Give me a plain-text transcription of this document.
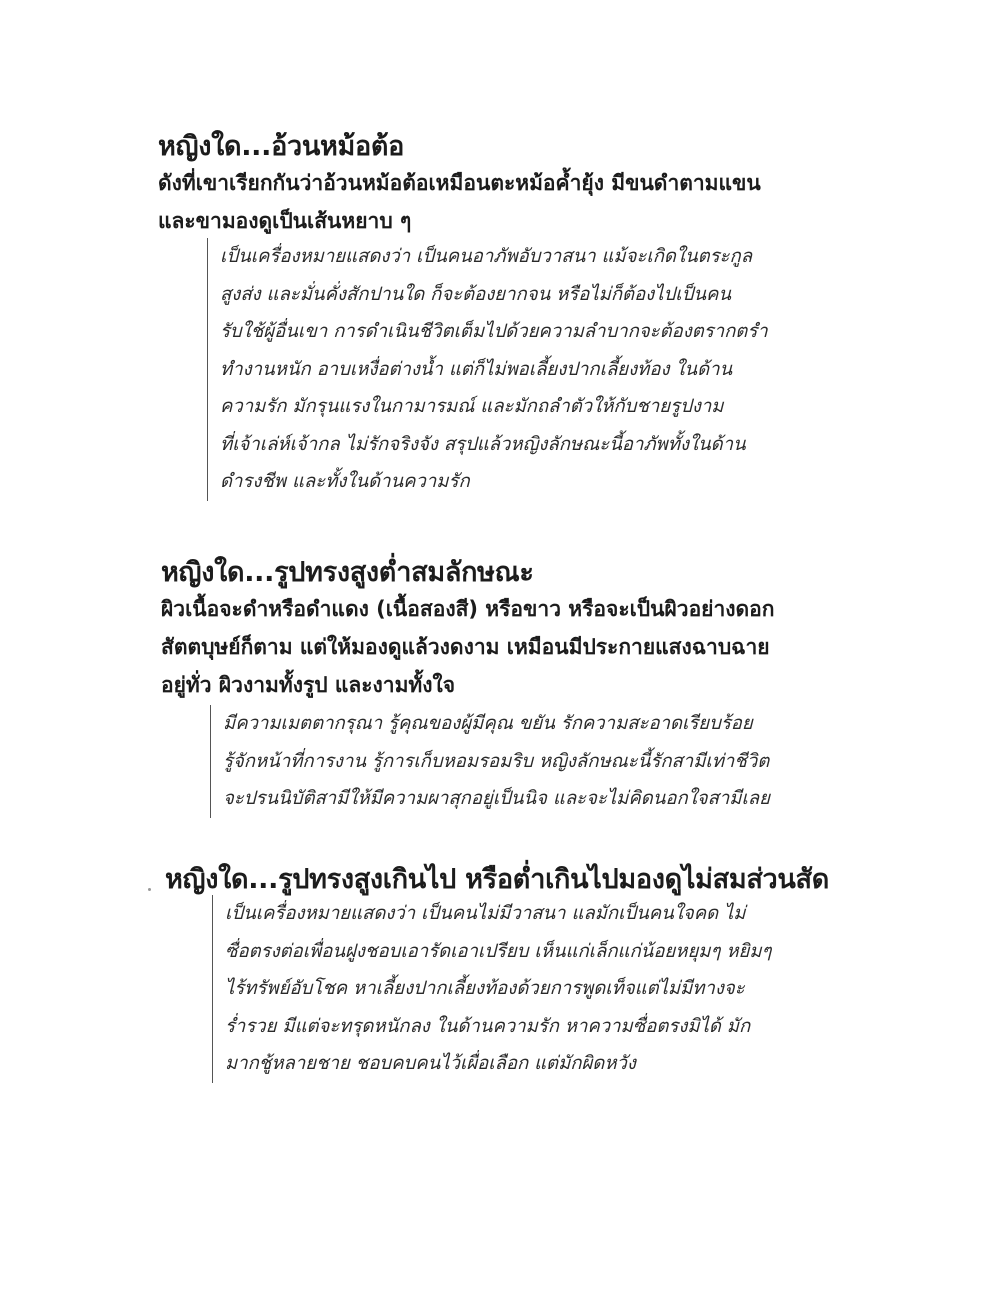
หญิงใด...อ้วนหม้อต้อ
ดังที่เขาเรียกกันว่าอ้วนหม้อต้อเหมือนตะหม้อค้ำยุ้ง มีขนดำตามแขน
และขามองดูเป็นเส้นหยาบ ๆ
เป็นเครื่องหมายแสดงว่า เป็นคนอาภัพอับวาสนา แม้จะเกิดในตระกูล
สูงส่ง และมั่นคั่งสักปานใด ก็จะต้องยากจน หรือไม่ก็ต้องไปเป็นคน
รับใช้ผู้อื่นเขา การดำเนินชีวิตเต็มไปด้วยความลำบากจะต้องตรากตรำ
ทำงานหนัก อาบเหงื่อต่างน้ำ แต่ก็ไม่พอเลี้ยงปากเลี้ยงท้อง ในด้าน
ความรัก มักรุนแรงในกามารมณ์ และมักถลำตัวให้กับชายรูปงาม
ที่เจ้าเล่ห์เจ้ากล ไม่รักจริงจัง สรุปแล้วหญิงลักษณะนี้อาภัพทั้งในด้าน
ดำรงชีพ และทั้งในด้านความรัก
หญิงใด...รูปทรงสูงต่ำสมลักษณะ
ผิวเนื้อจะดำหรือดำแดง (เนื้อสองสี) หรือขาว หรือจะเป็นผิวอย่างดอก
สัตตบุษย์ก็ตาม แต่ให้มองดูแล้วงดงาม เหมือนมีประกายแสงฉาบฉาย
อยู่ทั่ว ผิวงามทั้งรูป และงามทั้งใจ
มีความเมตตากรุณา รู้คุณของผู้มีคุณ ขยัน รักความสะอาดเรียบร้อย
รู้จักหน้าที่การงาน รู้การเก็บหอมรอมริบ หญิงลักษณะนี้รักสามีเท่าชีวิต
จะปรนนิบัติสามีให้มีความผาสุกอยู่เป็นนิจ และจะไม่คิดนอกใจสามีเลย
หญิงใด...รูปทรงสูงเกินไป หรือต่ำเกินไปมองดูไม่สมส่วนสัด
เป็นเครื่องหมายแสดงว่า เป็นคนไม่มีวาสนา แลมักเป็นคนใจคด ไม่
ซื่อตรงต่อเพื่อนฝูงชอบเอารัดเอาเปรียบ เห็นแก่เล็กแก่น้อยหยุมๆ หยิมๆ
ไร้ทรัพย์อับโชค หาเลี้ยงปากเลี้ยงท้องด้วยการพูดเท็จแต่ไม่มีทางจะ
ร่ำรวย มีแต่จะทรุดหนักลง ในด้านความรัก หาความซื่อตรงมิได้ มัก
มากชู้หลายชาย ชอบคบคนไว้เผื่อเลือก แต่มักผิดหวัง
